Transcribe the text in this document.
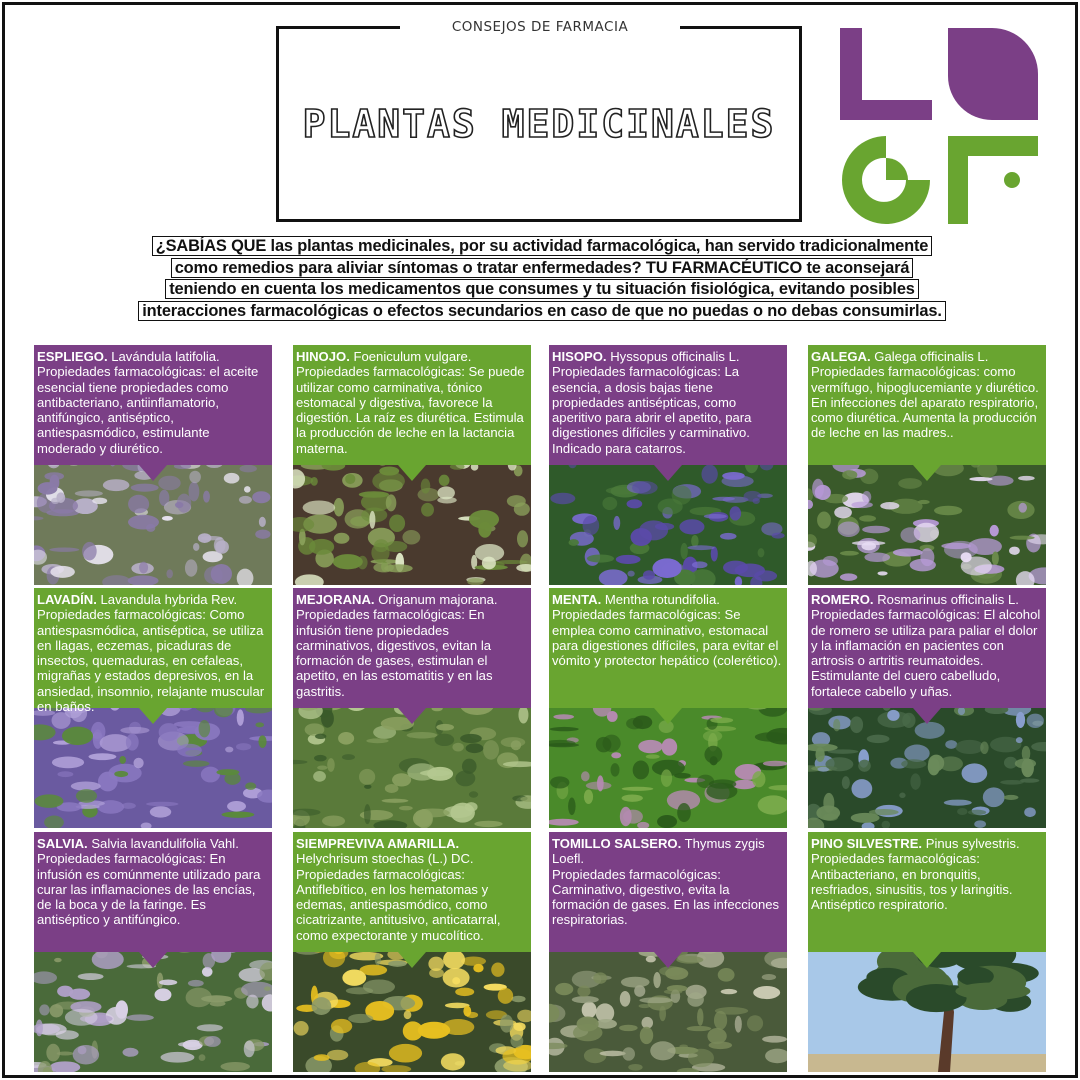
PLANTAS MEDICINALES
CONSEJOS DE FARMACIA
¿SABÍAS QUE las plantas medicinales, por su actividad farmacológica, han servido tradicionalmente
como remedios para aliviar síntomas o tratar enfermedades? TU FARMACÉUTICO te aconsejará
teniendo en cuenta los medicamentos que consumes y tu situación fisiológica, evitando posibles
interacciones farmacológicas o efectos secundarios en caso de que no puedas o no debas consumirlas.
ESPLIEGO. Lavándula latifolia.
Propiedades farmacológicas: el aceite esencial tiene propiedades como antibacteriano, antiinflamatorio, antifúngico, antiséptico, antiespasmódico, estimulante moderado y diurético.
HINOJO. Foeniculum vulgare.
Propiedades farmacológicas: Se puede utilizar como carminativa, tónico estomacal y digestiva, favorece la digestión. La raíz es diurética. Estimula la producción de leche en la lactancia materna.
HISOPO. Hyssopus officinalis L.
Propiedades farmacológicas: La esencia, a dosis bajas tiene propiedades antisépticas, como aperitivo para abrir el apetito, para digestiones difíciles y carminativo. Indicado para catarros.
GALEGA. Galega officinalis L.
Propiedades farmacológicas: como vermífugo, hipoglucemiante y diurético. En infecciones del aparato respiratorio, como diurética. Aumenta la producción de leche en las madres..
LAVADÍN. Lavandula hybrida Rev.
Propiedades farmacológicas: Como antiespasmódica, antiséptica, se utiliza en llagas, eczemas, picaduras de insectos, quemaduras, en cefaleas, migrañas y estados depresivos, en la ansiedad, insomnio, relajante muscular en baños.
MEJORANA. Origanum majorana.
Propiedades farmacológicas: En infusión tiene propiedades carminativos, digestivos, evitan la formación de gases, estimulan el apetito, en las estomatitis y en las gastritis.
MENTA. Mentha rotundifolia.
Propiedades farmacológicas: Se emplea como carminativo, estomacal para digestiones difíciles, para evitar el vómito y protector hepático (colerético).
ROMERO. Rosmarinus officinalis L.
Propiedades farmacológicas: El alcohol de romero se utiliza para paliar el dolor y la inflamación en pacientes con artrosis o artritis reumatoides. Estimulante del cuero cabelludo, fortalece cabello y uñas.
SALVIA. Salvia lavandulifolia Vahl.
Propiedades farmacológicas: En infusión es comúnmente utilizado para curar las inflamaciones de las encías, de la boca y de la faringe. Es antiséptico y antifúngico.
SIEMPREVIVA AMARILLA. Helychrisum stoechas (L.) DC.
Propiedades farmacológicas: Antiflebítico, en los hematomas y edemas, antiespasmódico, como cicatrizante, antitusivo, anticatarral, como expectorante y mucolítico.
TOMILLO SALSERO. Thymus zygis Loefl.
Propiedades farmacológicas: Carminativo, digestivo, evita la formación de gases. En las infecciones respiratorias.
PINO SILVESTRE. Pinus sylvestris.
Propiedades farmacológicas: Antibacteriano, en bronquitis, resfriados, sinusitis, tos y laringitis. Antiséptico respiratorio.
